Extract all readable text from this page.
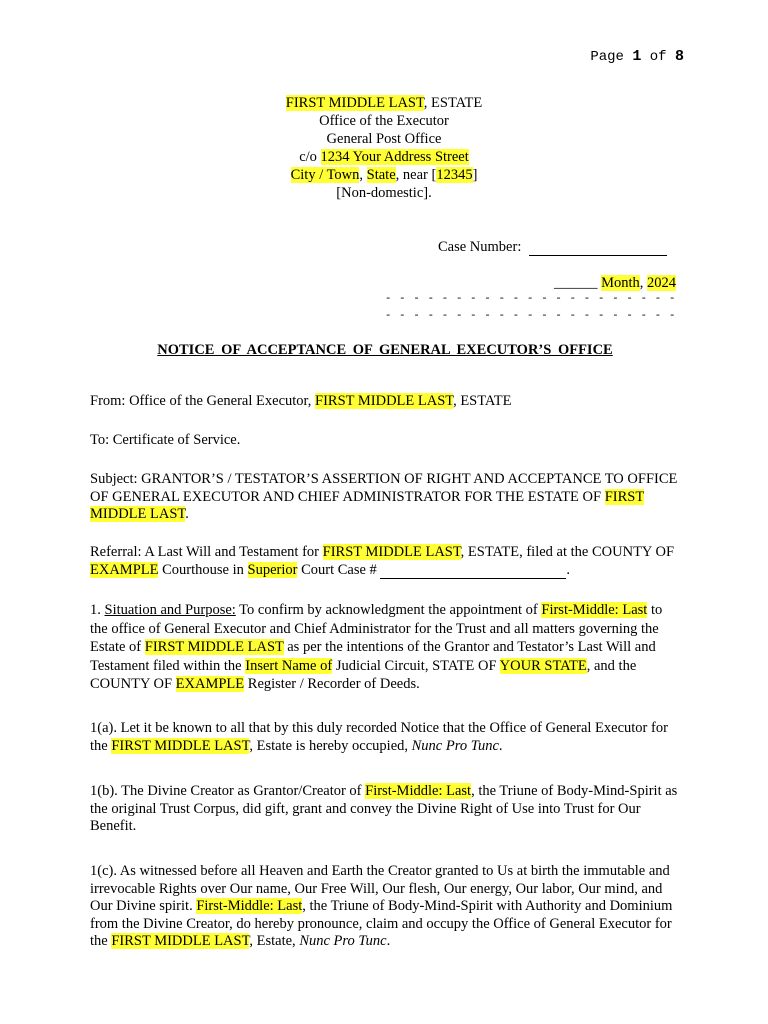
Page 1 of 8
FIRST MIDDLE LAST, ESTATE
Office of the Executor
General Post Office
c/o 1234 Your Address Street
City / Town, State, near [12345]
[Non-domestic].
Case Number:
______ Month, 2024
- - - - - - - - - - - - - - - - - - - - -
- - - - - - - - - - - - - - - - - - - - -
NOTICE OF ACCEPTANCE OF GENERAL EXECUTOR’S OFFICE
From: Office of the General Executor, FIRST MIDDLE LAST, ESTATE
To: Certificate of Service.
Subject: GRANTOR’S / TESTATOR’S ASSERTION OF RIGHT AND ACCEPTANCE TO OFFICE OF GENERAL EXECUTOR AND CHIEF ADMINISTRATOR FOR THE ESTATE OF FIRST MIDDLE LAST.
Referral: A Last Will and Testament for FIRST MIDDLE LAST, ESTATE, filed at the COUNTY OF EXAMPLE Courthouse in Superior Court Case #	.
1. Situation and Purpose: To confirm by acknowledgment the appointment of First-Middle: Last to the office of General Executor and Chief Administrator for the Trust and all matters governing the Estate of FIRST MIDDLE LAST as per the intentions of the Grantor and Testator’s Last Will and Testament filed within the Insert Name of Judicial Circuit, STATE OF YOUR STATE, and the COUNTY OF EXAMPLE Register / Recorder of Deeds.
1(a). Let it be known to all that by this duly recorded Notice that the Office of General Executor for the FIRST MIDDLE LAST, Estate is hereby occupied, Nunc Pro Tunc.
1(b). The Divine Creator as Grantor/Creator of First-Middle: Last, the Triune of Body-Mind-Spirit as the original Trust Corpus, did gift, grant and convey the Divine Right of Use into Trust for Our Benefit.
1(c). As witnessed before all Heaven and Earth the Creator granted to Us at birth the immutable and irrevocable Rights over Our name, Our Free Will, Our flesh, Our energy, Our labor, Our mind, and Our Divine spirit. First-Middle: Last, the Triune of Body-Mind-Spirit with Authority and Dominium from the Divine Creator, do hereby pronounce, claim and occupy the Office of General Executor for the FIRST MIDDLE LAST, Estate, Nunc Pro Tunc.
